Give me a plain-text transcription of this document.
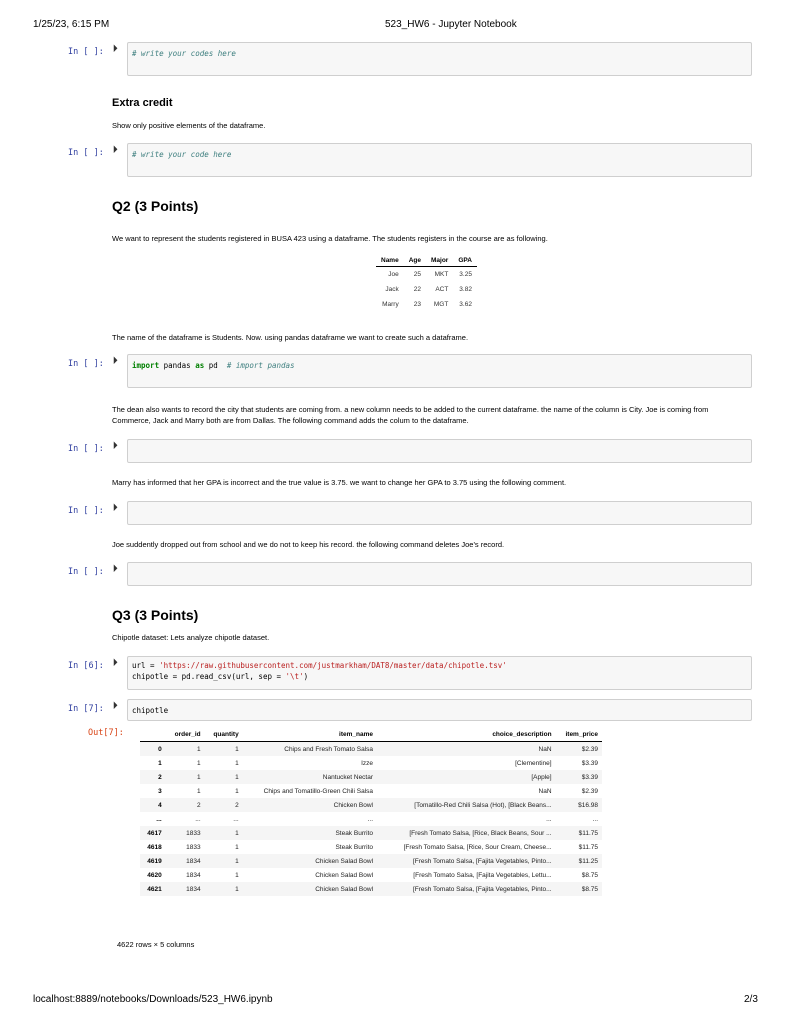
1/25/23, 6:15 PM	523_HW6 - Jupyter Notebook
In [ ]: ⏵
# write your codes here
Extra credit
Show only positive elements of the dataframe.
In [ ]: ⏵
# write your code here
Q2 (3 Points)
We want to represent the students registered in BUSA 423 using a dataframe. The students registers in the course are as following.
Name	Age	Major	GPA
Joe	25	MKT	3.25
Jack	22	ACT	3.82
Marry	23	MGT	3.62
The name of the dataframe is Students. Now. using pandas dataframe we want to create such a dataframe.
In [ ]: ⏵
import pandas as pd  # import pandas
The dean also wants to record the city that students are coming from. a new column needs to be added to the current dataframe. the name of the column is City. Joe is coming from Commerce, Jack and Marry both are from Dallas. The following command adds the colum to the dataframe.
In [ ]: ⏵
Marry has informed that her GPA is incorrect and the true value is 3.75. we want to change her GPA to 3.75 using the following comment.
In [ ]: ⏵
Joe suddently dropped out from school and we do not to keep his record. the following command deletes Joe's record.
In [ ]: ⏵
Q3 (3 Points)
Chipotle dataset: Lets analyze chipotle dataset.
In [6]: ⏵	url = 'https://raw.githubusercontent.com/justmarkham/DAT8/master/data/chipotle.tsv'
chipotle = pd.read_csv(url, sep = '\t')
In [7]: ⏵
chipotle
Out[7]:
		order_id	quantity	item_name	choice_description	item_price
0	1	1	Chips and Fresh Tomato Salsa	NaN	$2.39
1	1	1	Izze	[Clementine]	$3.39
2	1	1	Nantucket Nectar	[Apple]	$3.39
3	1	1	Chips and Tomatillo-Green Chili Salsa	NaN	$2.39
4	2	2	Chicken Bowl	[Tomatillo-Red Chili Salsa (Hot), [Black Beans...	$16.98
...	...	...	...	...	...
4617	1833	1	Steak Burrito	[Fresh Tomato Salsa, [Rice, Black Beans, Sour ...	$11.75
4618	1833	1	Steak Burrito	[Fresh Tomato Salsa, [Rice, Sour Cream, Cheese...	$11.75
4619	1834	1	Chicken Salad Bowl	[Fresh Tomato Salsa, [Fajita Vegetables, Pinto...	$11.25
4620	1834	1	Chicken Salad Bowl	[Fresh Tomato Salsa, [Fajita Vegetables, Lettu...	$8.75
4621	1834	1	Chicken Salad Bowl	[Fresh Tomato Salsa, [Fajita Vegetables, Pinto...	$8.75
4622 rows × 5 columns
localhost:8889/notebooks/Downloads/523_HW6.ipynb	2/3
